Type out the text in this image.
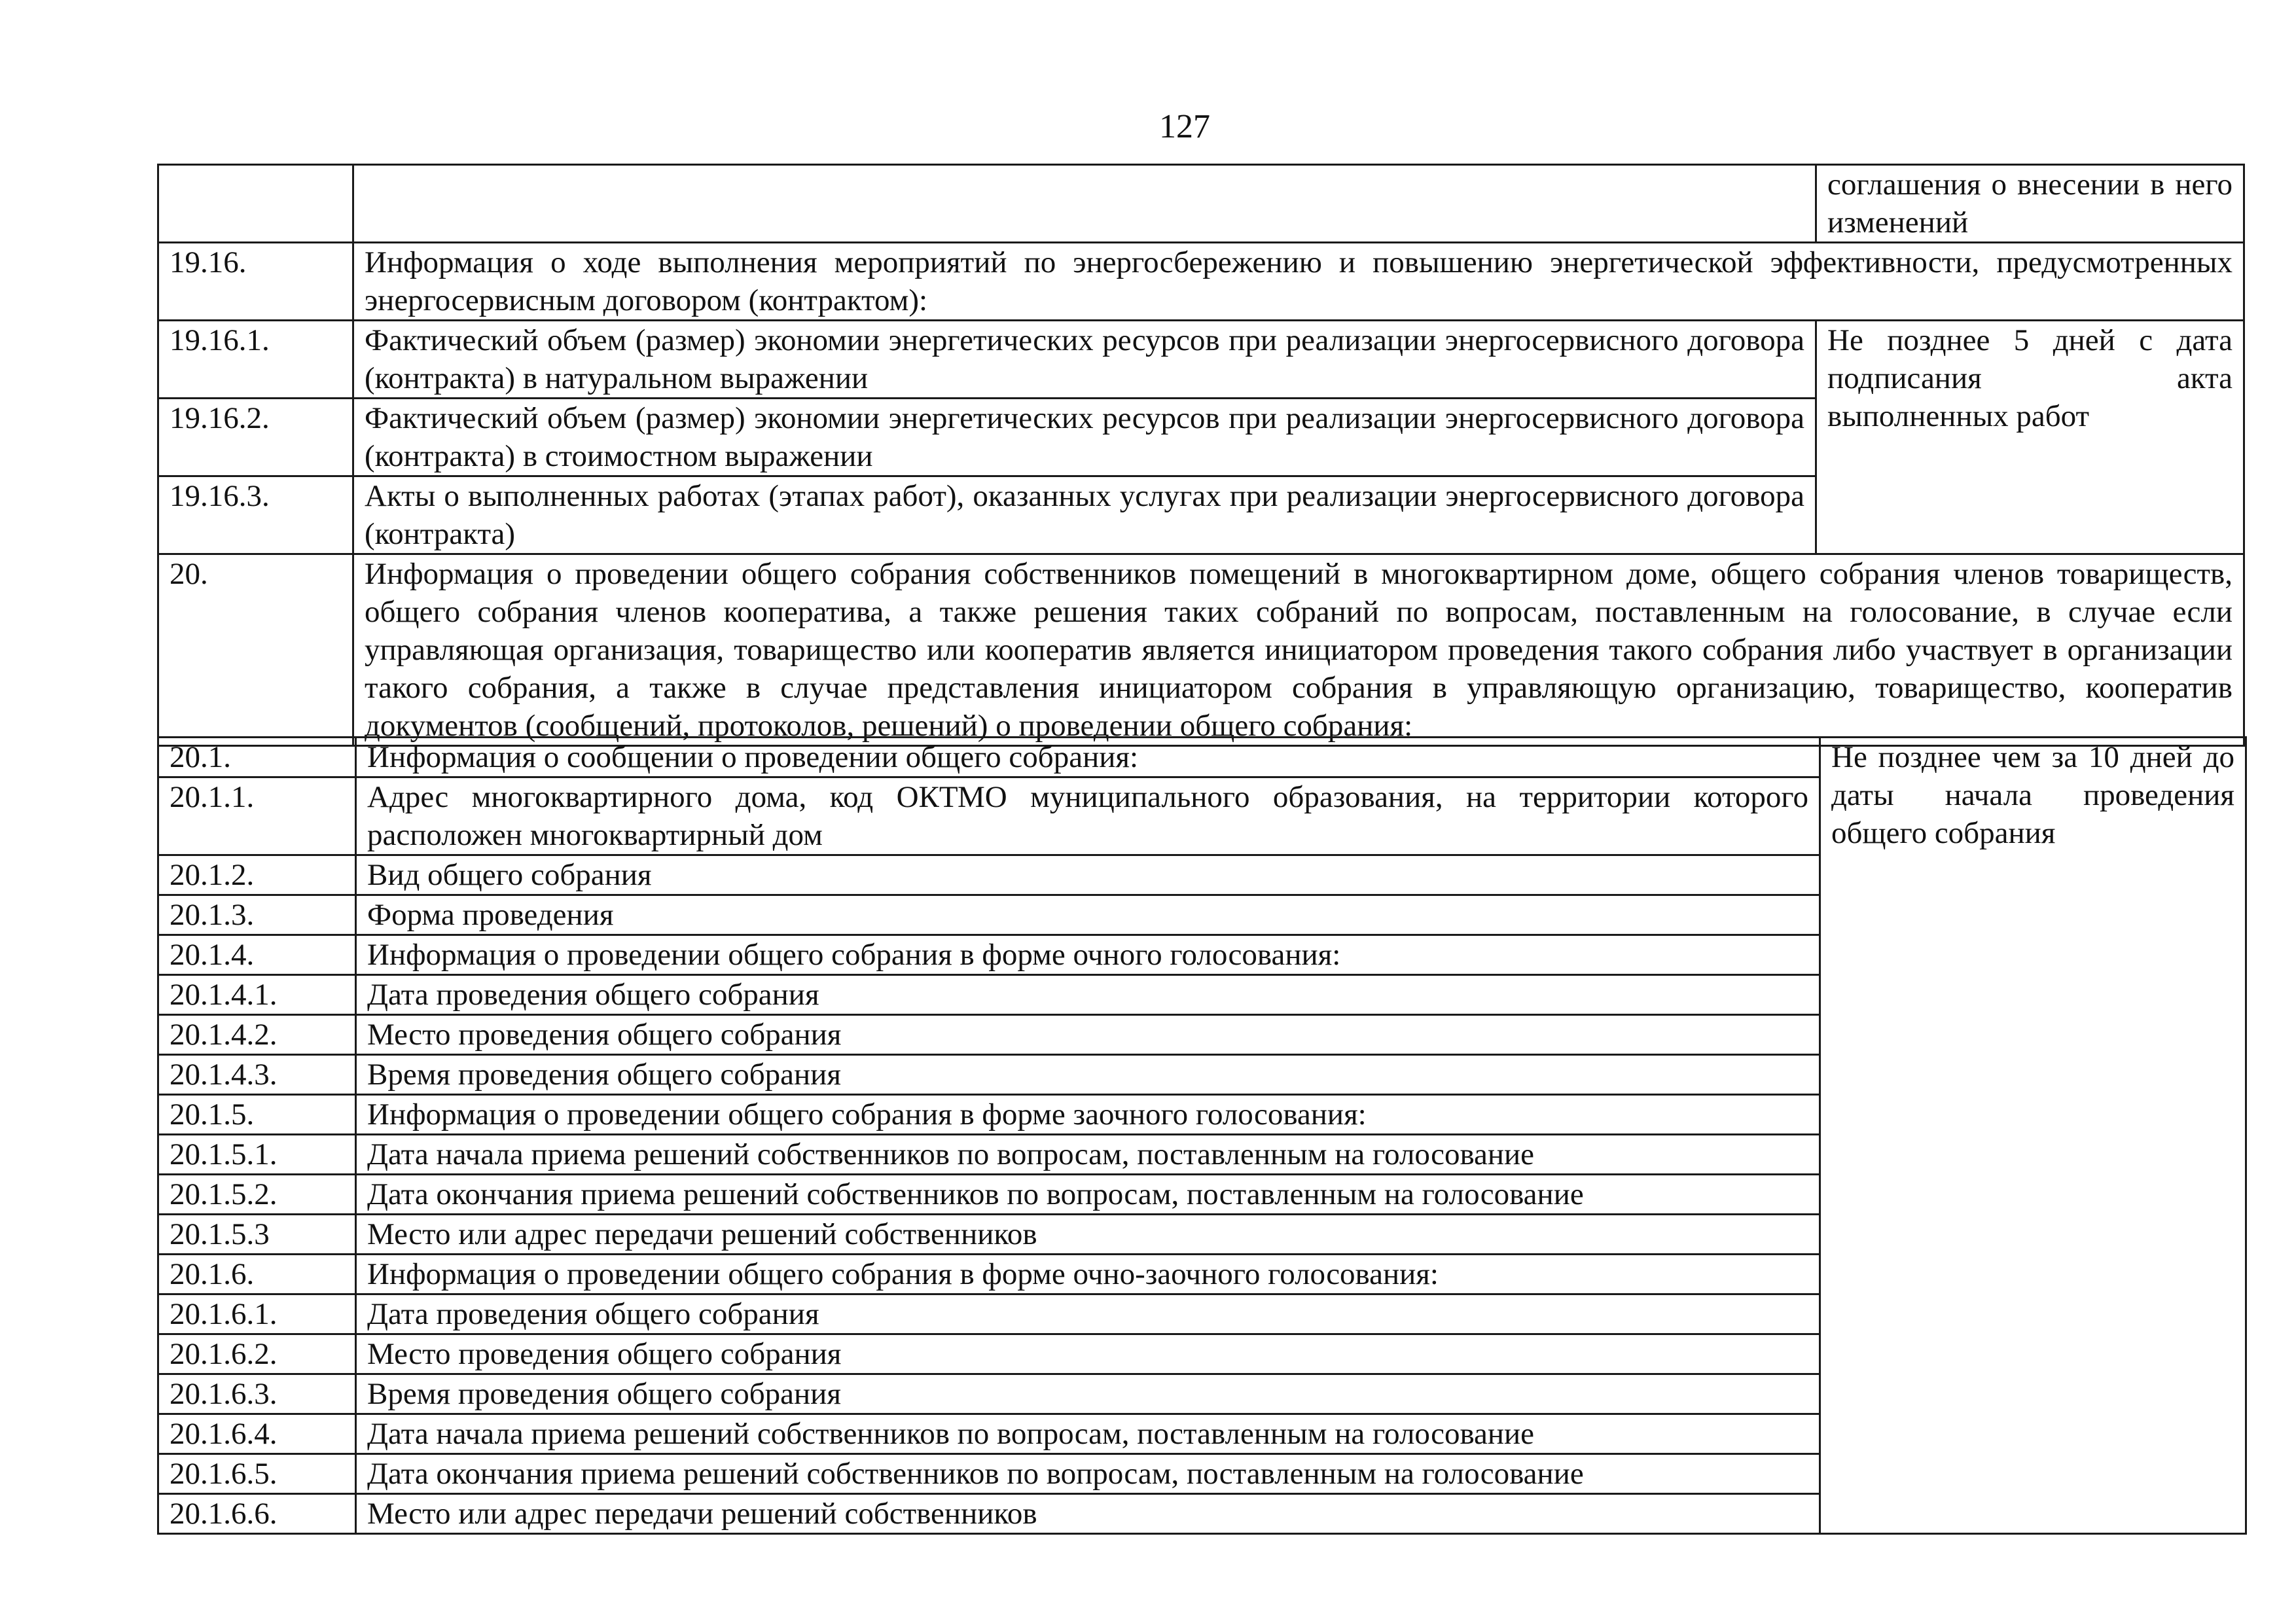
127
		соглашения о внесении в него изменений
19.16.	Информация о ходе выполнения мероприятий по энергосбережению и повышению энергетической эффективности, предусмотренных энергосервисным договором (контрактом):	
19.16.1.	Фактический объем (размер) экономии энергетических ресурсов при реализации энергосервисного договора (контракта) в натуральном выражении	Не позднее 5 дней с дата подписания акта выполненных работ
19.16.2.	Фактический объем (размер) экономии энергетических ресурсов при реализации энергосервисного договора (контракта) в стоимостном выражении	
19.16.3.	Акты о выполненных работах (этапах работ), оказанных услугах при реализации энергосервисного договора (контракта)	
20.	Информация о проведении общего собрания собственников помещений в многоквартирном доме, общего собрания членов товариществ, общего собрания членов кооператива, а также решения таких собраний по вопросам, поставленным на голосование, в случае если управляющая организация, товарищество или кооператив является инициатором проведения такого собрания либо участвует в организации такого собрания, а также в случае представления инициатором собрания в управляющую организацию, товарищество, кооператив документов (сообщений, протоколов, решений) о проведении общего собрания:	
20.1.	Информация о сообщении о проведении общего собрания:	Не позднее чем за 10 дней до даты начала проведения общего собрания
20.1.1.	Адрес многоквартирного дома, код ОКТМО муниципального образования, на территории которого расположен многоквартирный дом	
20.1.2.	Вид общего собрания	
20.1.3.	Форма проведения	
20.1.4.	Информация о проведении общего собрания в форме очного голосования:	
20.1.4.1.	Дата проведения общего собрания	
20.1.4.2.	Место проведения общего собрания	
20.1.4.3.	Время проведения общего собрания	
20.1.5.	Информация о проведении общего собрания в форме заочного голосования:	
20.1.5.1.	Дата начала приема решений собственников по вопросам, поставленным на голосование	
20.1.5.2.	Дата окончания приема решений собственников по вопросам, поставленным на голосование	
20.1.5.3	Место или адрес передачи решений собственников	
20.1.6.	Информация о проведении общего собрания в форме очно-заочного голосования:	
20.1.6.1.	Дата проведения общего собрания	
20.1.6.2.	Место проведения общего собрания	
20.1.6.3.	Время проведения общего собрания	
20.1.6.4.	Дата начала приема решений собственников по вопросам, поставленным на голосование	
20.1.6.5.	Дата окончания приема решений собственников по вопросам, поставленным на голосование	
20.1.6.6.	Место или адрес передачи решений собственников	
